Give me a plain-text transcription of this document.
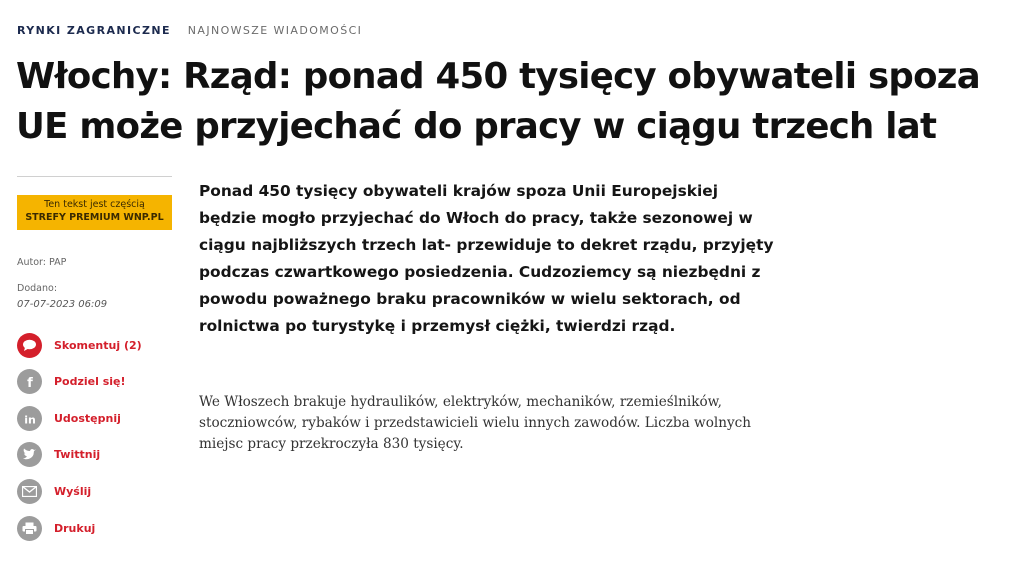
RYNKI ZAGRANICZNE NAJNOWSZE WIADOMOŚCI
Włochy: Rząd: ponad 450 tysięcy obywateli spoza UE może przyjechać do pracy w ciągu trzech lat
Ten tekst jest częścią
STREFY PREMIUM WNP.PL
Autor: PAP
Dodano:
07-07-2023 06:09
Skomentuj (2)
f Podziel się!
in Udostępnij
Twittnij
Wyślij
Drukuj

Ponad 450 tysięcy obywateli krajów spoza Unii Europejskiej będzie mogło przyjechać do Włoch do pracy, także sezonowej w ciągu najbliższych trzech lat- przewiduje to dekret rządu, przyjęty podczas czwartkowego posiedzenia. Cudzoziemcy są niezbędni z powodu poważnego braku pracowników w wielu sektorach, od rolnictwa po turystykę i przemysł ciężki, twierdzi rząd.

We Włoszech brakuje hydraulików, elektryków, mechaników, rzemieślników, stoczniowców, rybaków i przedstawicieli wielu innych zawodów. Liczba wolnych miejsc pracy przekroczyła 830 tysięcy.
